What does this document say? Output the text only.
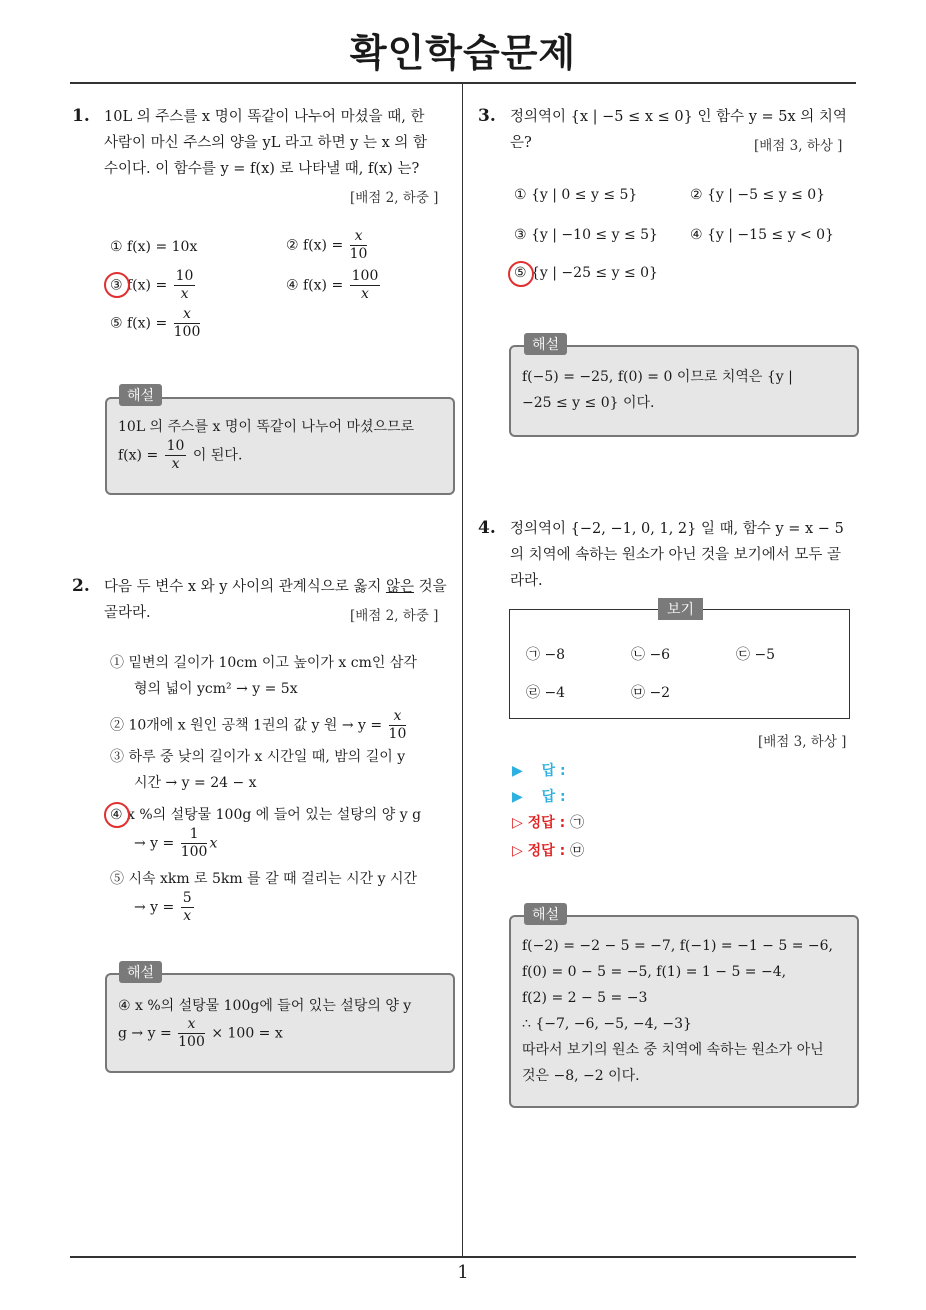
확인학습문제
1
1. 10L 의 주스를 x 명이 똑같이 나누어 마셨을 때, 한
사람이 마신 주스의 양을 yL 라고 하면 y 는 x 의 함
수이다. 이 함수를 y = f(x) 로 나타낼 때, f(x) 는?
[배점 2, 하중 ]
① f(x) = 10x	② $f(x) = \frac{x}{10}$
③ $f(x) = \frac{10}{x}$	④ $f(x) = \frac{100}{x}$
⑤ $f(x) = \frac{x}{100}$
해설
10L 의 주스를 x 명이 똑같이 나누어 마셨으므로
$f(x) = \frac{10}{x}$ 이 된다.
2. 다음 두 변수 x 와 y 사이의 관계식으로 옳지 않은 것을
골라라.	[배점 2, 하중 ]
① 밑변의 길이가 10cm 이고 높이가 x cm인 삼각
형의 넓이 ycm² → y = 5x
② 10개에 x 원인 공책 1권의 값 y 원 → $y = \frac{x}{10}$
③ 하루 중 낮의 길이가 x 시간일 때, 밤의 길이 y
시간 → y = 24 − x
④ x %의 설탕물 100g 에 들어 있는 설탕의 양 y g
→ $y = \frac{1}{100}$ x
⑤ 시속 xkm 로 5km 를 갈 때 걸리는 시간 y 시간
→ $y = \frac{5}{x}$
해설
④ x %의 설탕물 100g에 들어 있는 설탕의 양 y
$g \to y = \frac{x}{100} \times 100 = x$
3. 정의역이 {x | −5 ≤ x ≤ 0} 인 함수 y = 5x 의 치역
은?	[배점 3, 하상 ]
① {y | 0 ≤ y ≤ 5}	② {y | −5 ≤ y ≤ 0}
③ {y | −10 ≤ y ≤ 5} ④ {y | −15 ≤ y < 0}
⑤ {y | −25 ≤ y ≤ 0}
해설
f(−5) = −25, f(0) = 0 이므로 치역은 {y |
−25 ≤ y ≤ 0} 이다.
4. 정의역이 {−2, −1, 0, 1, 2} 일 때, 함수 y = x − 5
의 치역에 속하는 원소가 아닌 것을 보기에서 모두 골
라라.
보기
㉠ −8	㉡ −6	㉢ −5
㉣ −4	㉤ −2
[배점 3, 하상 ]
▶ 답 :
▶ 답 :
▷ 정답 : ㉠
▷ 정답 : ㉤
해설
f(−2) = −2 − 5 = −7, f(−1) = −1 − 5 = −6,
f(0) = 0 − 5 = −5, f(1) = 1 − 5 = −4,
f(2) = 2 − 5 = −3
∴ {−7, −6, −5, −4, −3}
따라서 보기의 원소 중 치역에 속하는 원소가 아닌
것은 −8, −2 이다.
